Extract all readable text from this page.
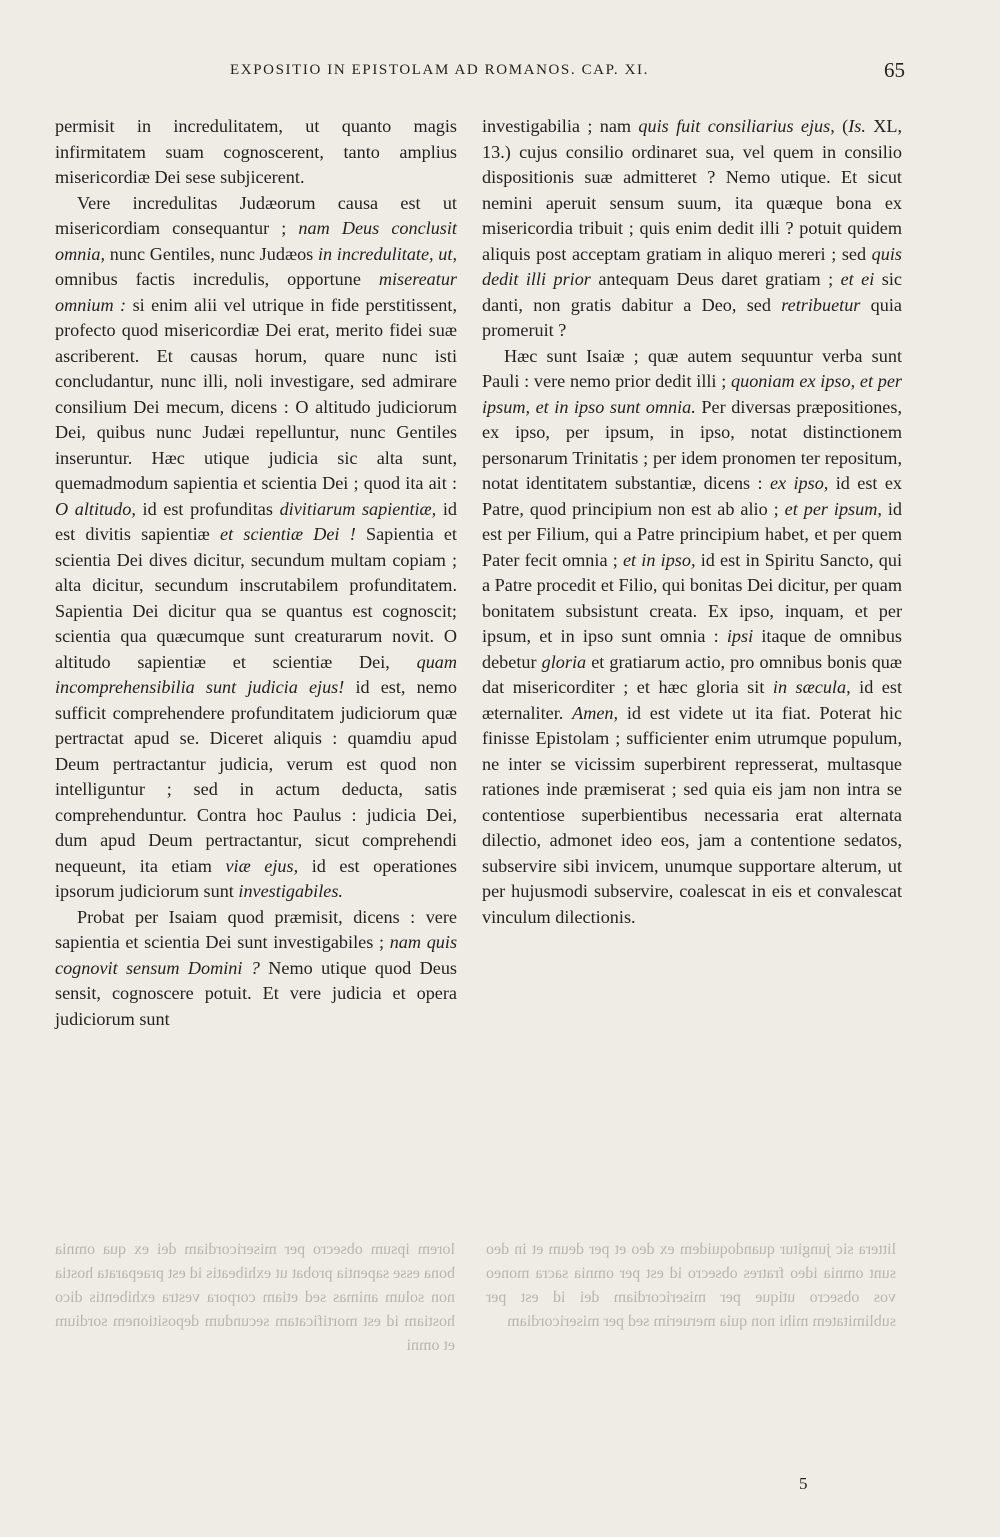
EXPOSITIO IN EPISTOLAM AD ROMANOS. CAP. XI.	65

permisit in incredulitatem, ut quanto magis infirmitatem suam cognoscerent, tanto amplius misericordiæ Dei sese subjicerent.

Vere incredulitas Judæorum causa est ut misericordiam consequantur ; nam Deus conclusit omnia, nunc Gentiles, nunc Judæos in incredulitate, ut, omnibus factis incredulis, opportune misereatur omnium : si enim alii vel utrique in fide perstitissent, profecto quod misericordiæ Dei erat, merito fidei suæ ascriberent. Et causas horum, quare nunc isti concludantur, nunc illi, noli investigare, sed admirare consilium Dei mecum, dicens : O altitudo judiciorum Dei, quibus nunc Judæi repelluntur, nunc Gentiles inseruntur. Hæc utique judicia sic alta sunt, quemadmodum sapientia et scientia Dei ; quod ita ait : O altitudo, id est profunditas divitiarum sapientiæ, id est divitis sapientiæ et scientiæ Dei ! Sapientia et scientia Dei dives dicitur, secundum multam copiam ; alta dicitur, secundum inscrutabilem profunditatem. Sapientia Dei dicitur qua se quantus est cognoscit; scientia qua quæcumque sunt creaturarum novit. O altitudo sapientiæ et scientiæ Dei, quam incomprehensibilia sunt judicia ejus! id est, nemo sufficit comprehendere profunditatem judiciorum quæ pertractat apud se. Diceret aliquis : quamdiu apud Deum pertractantur judicia, verum est quod non intelliguntur ; sed in actum deducta, satis comprehenduntur. Contra hoc Paulus : judicia Dei, dum apud Deum pertractantur, sicut comprehendi nequeunt, ita etiam viæ ejus, id est operationes ipsorum judiciorum sunt investigabiles.

Probat per Isaiam quod præmisit, dicens : vere sapientia et scientia Dei sunt investigabiles ; nam quis cognovit sensum Domini ? Nemo utique quod Deus sensit, cognoscere potuit. Et vere judicia et opera judiciorum sunt

investigabilia ; nam quis fuit consiliarius ejus, (Is. XL, 13.) cujus consilio ordinaret sua, vel quem in consilio dispositionis suæ admitteret ? Nemo utique. Et sicut nemini aperuit sensum suum, ita quæque bona ex misericordia tribuit ; quis enim dedit illi ? potuit quidem aliquis post acceptam gratiam in aliquo mereri ; sed quis dedit illi prior antequam Deus daret gratiam ; et ei sic danti, non gratis dabitur a Deo, sed retribuetur quia promeruit ?

Hæc sunt Isaiæ ; quæ autem sequuntur verba sunt Pauli : vere nemo prior dedit illi ; quoniam ex ipso, et per ipsum, et in ipso sunt omnia. Per diversas præpositiones, ex ipso, per ipsum, in ipso, notat distinctionem personarum Trinitatis ; per idem pronomen ter repositum, notat identitatem substantiæ, dicens : ex ipso, id est ex Patre, quod principium non est ab alio ; et per ipsum, id est per Filium, qui a Patre principium habet, et per quem Pater fecit omnia ; et in ipso, id est in Spiritu Sancto, qui a Patre procedit et Filio, qui bonitas Dei dicitur, per quam bonitatem subsistunt creata. Ex ipso, inquam, et per ipsum, et in ipso sunt omnia : ipsi itaque de omnibus debetur gloria et gratiarum actio, pro omnibus bonis quæ dat misericorditer ; et hæc gloria sit in sæcula, id est æternaliter. Amen, id est videte ut ita fiat. Poterat hic finisse Epistolam ; sufficienter enim utrumque populum, ne inter se vicissim superbirent represserat, multasque rationes inde præmiserat ; sed quia eis jam non intra se contentiose superbientibus necessaria erat alternata dilectio, admonet ideo eos, jam a contentione sedatos, subservire sibi invicem, unumque supportare alterum, ut per hujusmodi subservire, coalescat in eis et convalescat vinculum dilectionis.

lorem ipsum obsecro per misericordiam dei ex qua omnia bona esse sapentia probat ut exhibeatis id est praeparata hostia non solum animas sed etiam corpora vestra exhibentis dico hostiam id est mortificatam secundum depositionem sordium et omni
littera sic jungitur quandoquidem ex deo et per deum et in deo sunt omnia ideo fratres obsecro id est per omnia sacra moneo vos obsecro utique per misericordiam dei id est per sublimitatem mihi non quia meruerim sed per misericordiam
5
